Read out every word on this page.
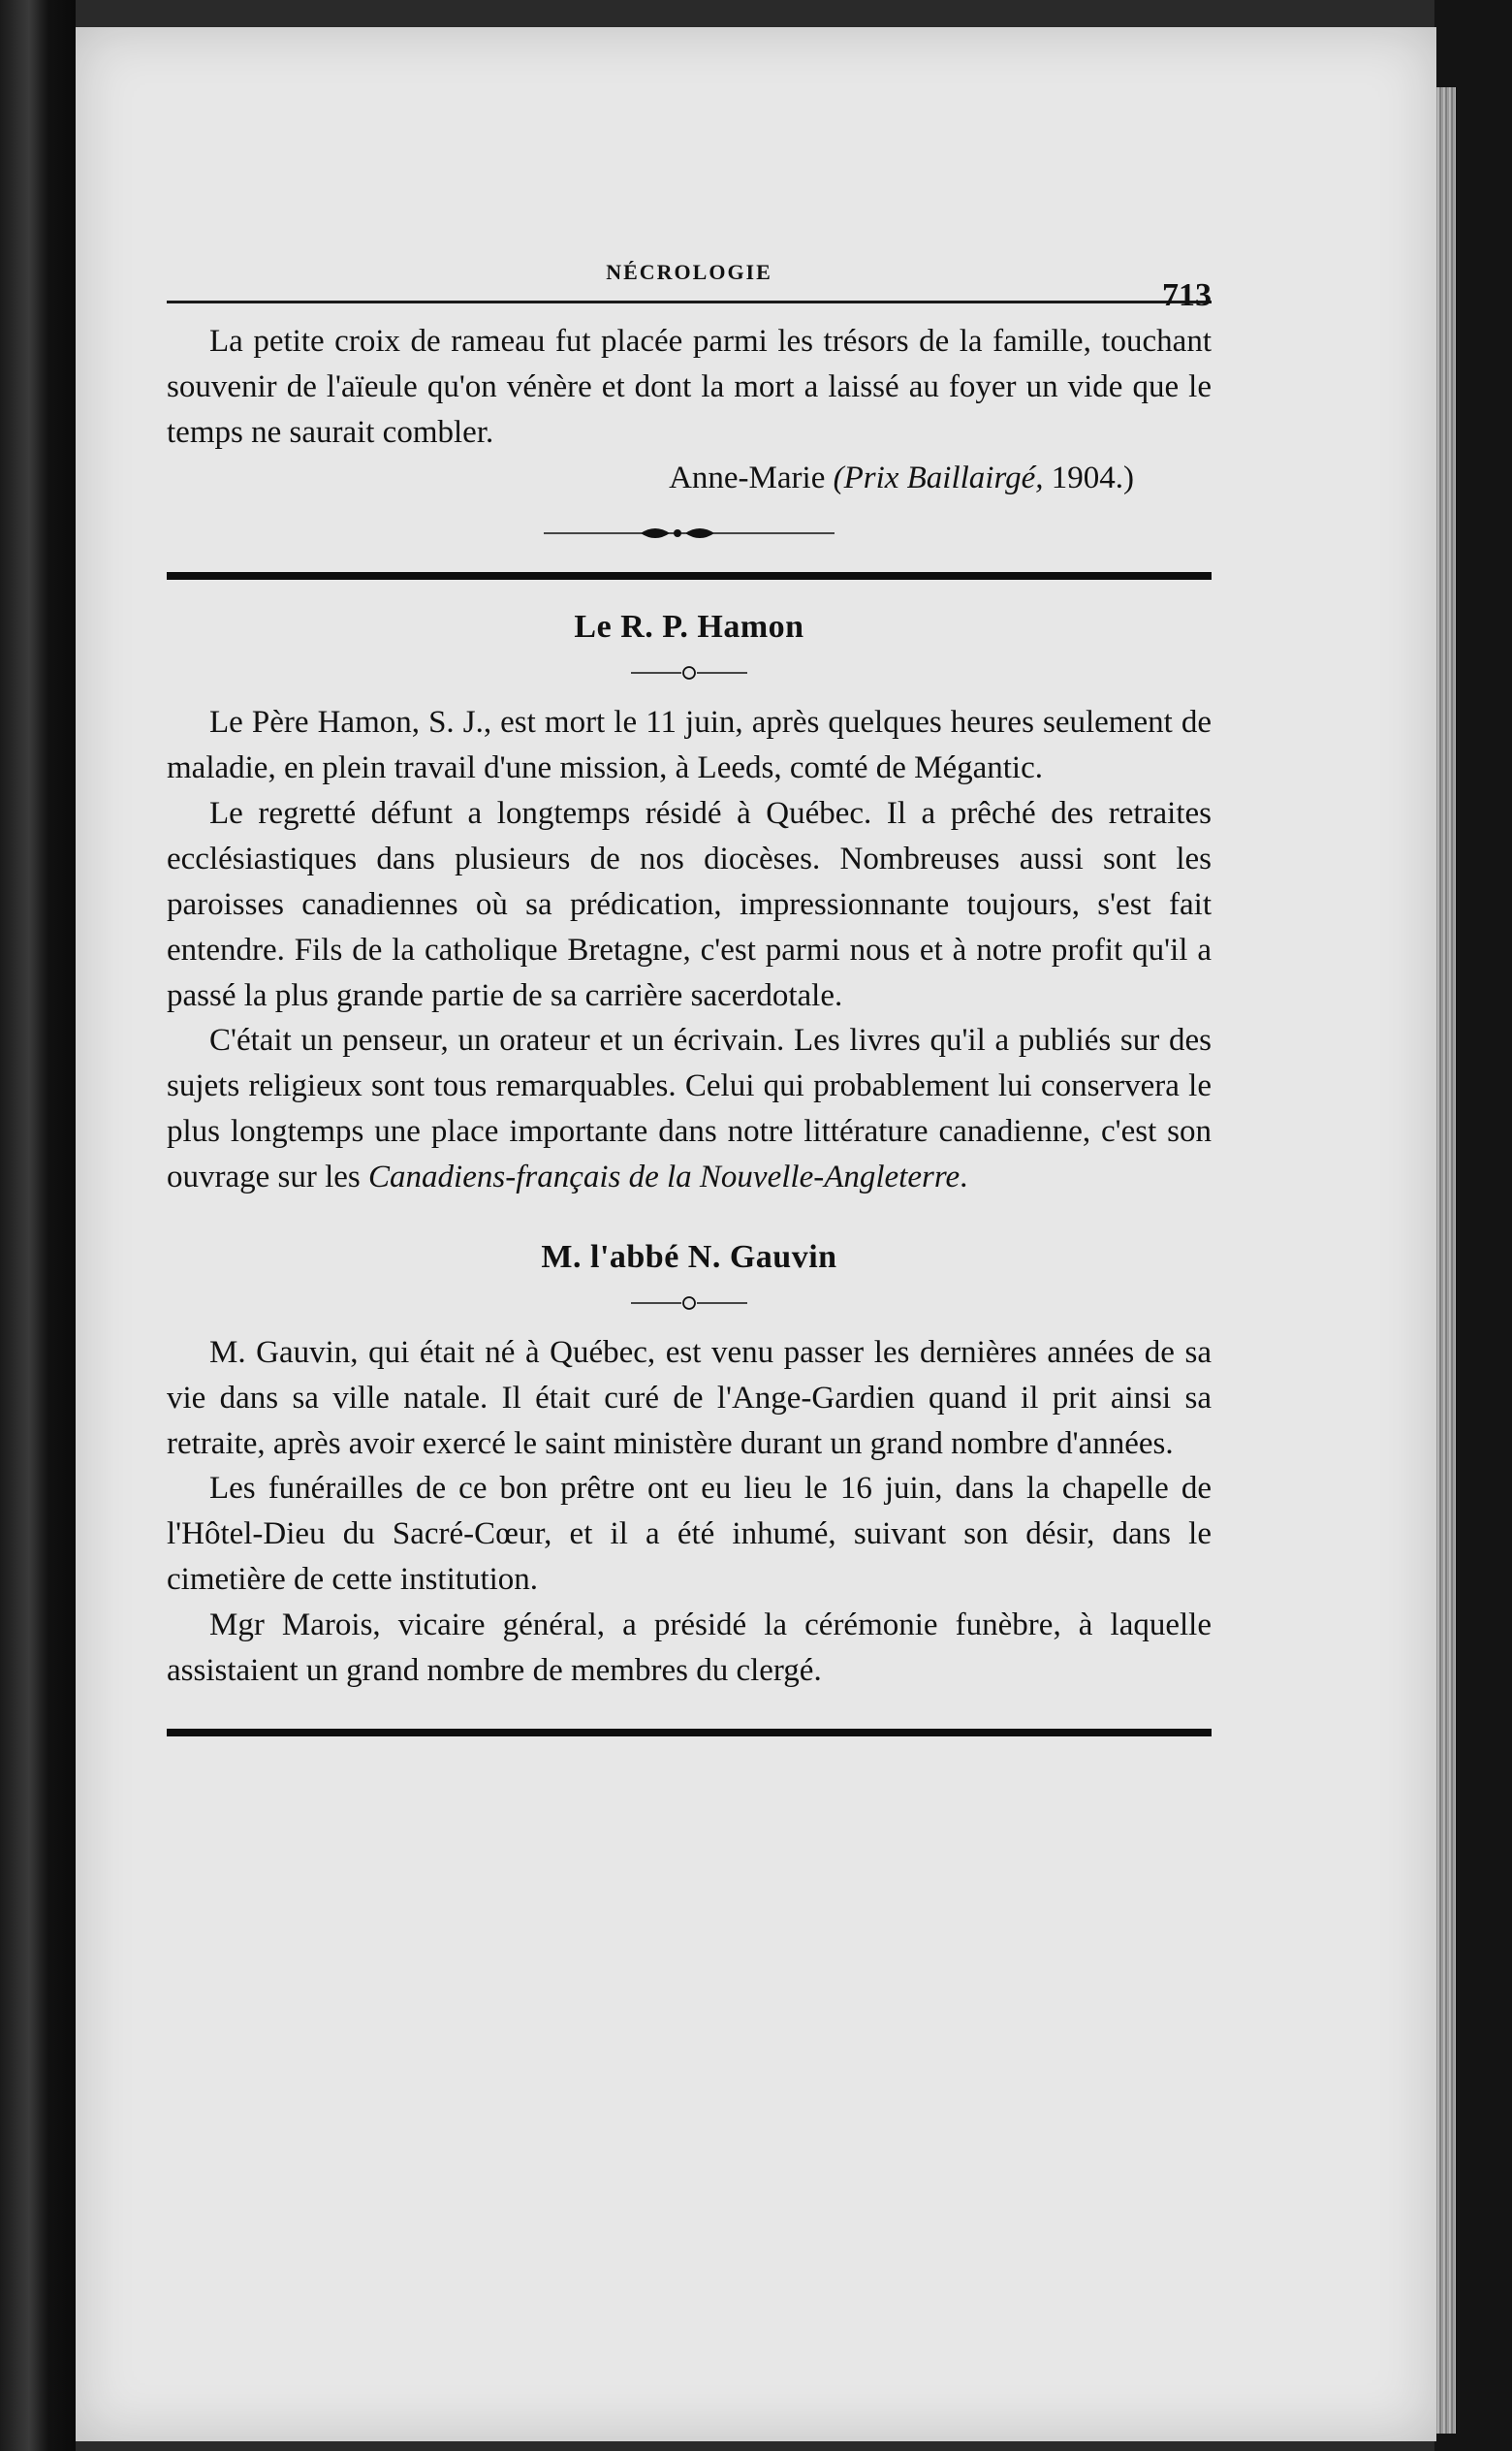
NÉCROLOGIE
713

La petite croix de rameau fut placée parmi les trésors de la famille, touchant souvenir de l'aïeule qu'on vénère et dont la mort a laissé au foyer un vide que le temps ne saurait combler.

Anne-Marie (Prix Baillairgé, 1904.)

Le R. P. Hamon

Le Père Hamon, S. J., est mort le 11 juin, après quelques heures seulement de maladie, en plein travail d'une mission, à Leeds, comté de Mégantic.

Le regretté défunt a longtemps résidé à Québec. Il a prêché des retraites ecclésiastiques dans plusieurs de nos diocèses. Nombreuses aussi sont les paroisses canadiennes où sa prédication, impressionnante toujours, s'est fait entendre. Fils de la catholique Bretagne, c'est parmi nous et à notre profit qu'il a passé la plus grande partie de sa carrière sacerdotale.

C'était un penseur, un orateur et un écrivain. Les livres qu'il a publiés sur des sujets religieux sont tous remarquables. Celui qui probablement lui conservera le plus longtemps une place importante dans notre littérature canadienne, c'est son ouvrage sur les Canadiens-français de la Nouvelle-Angleterre.

M. l'abbé N. Gauvin

M. Gauvin, qui était né à Québec, est venu passer les dernières années de sa vie dans sa ville natale. Il était curé de l'Ange-Gardien quand il prit ainsi sa retraite, après avoir exercé le saint ministère durant un grand nombre d'années.

Les funérailles de ce bon prêtre ont eu lieu le 16 juin, dans la chapelle de l'Hôtel-Dieu du Sacré-Cœur, et il a été inhumé, suivant son désir, dans le cimetière de cette institution.

Mgr Marois, vicaire général, a présidé la cérémonie funèbre, à laquelle assistaient un grand nombre de membres du clergé.
